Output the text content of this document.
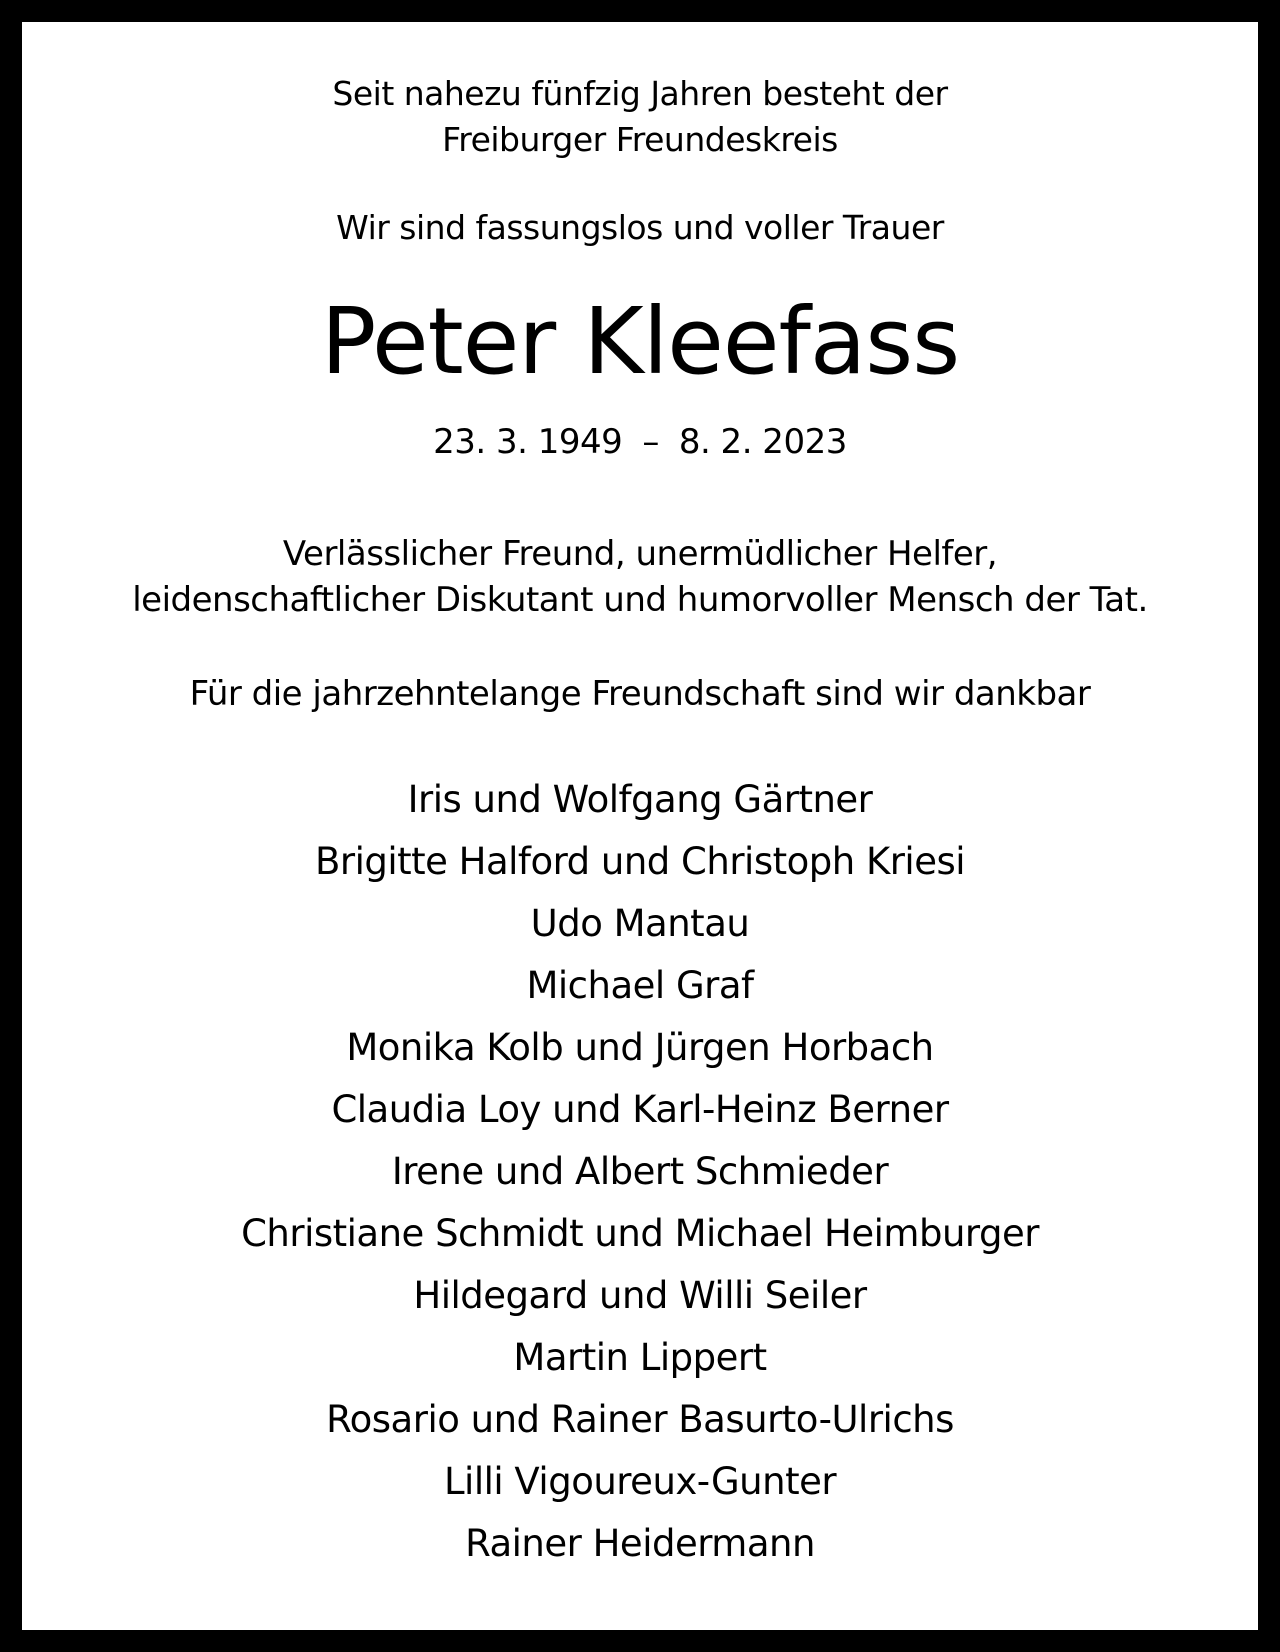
Seit nahezu fünfzig Jahren besteht der
Freiburger Freundeskreis
Wir sind fassungslos und voller Trauer
Peter Kleefass
23. 3. 1949 – 8. 2. 2023
Verlässlicher Freund, unermüdlicher Helfer,
leidenschaftlicher Diskutant und humorvoller Mensch der Tat.
Für die jahrzehntelange Freundschaft sind wir dankbar
Iris und Wolfgang Gärtner
Brigitte Halford und Christoph Kriesi
Udo Mantau
Michael Graf
Monika Kolb und Jürgen Horbach
Claudia Loy und Karl-Heinz Berner
Irene und Albert Schmieder
Christiane Schmidt und Michael Heimburger
Hildegard und Willi Seiler
Martin Lippert
Rosario und Rainer Basurto-Ulrichs
Lilli Vigoureux-Gunter
Rainer Heidermann
